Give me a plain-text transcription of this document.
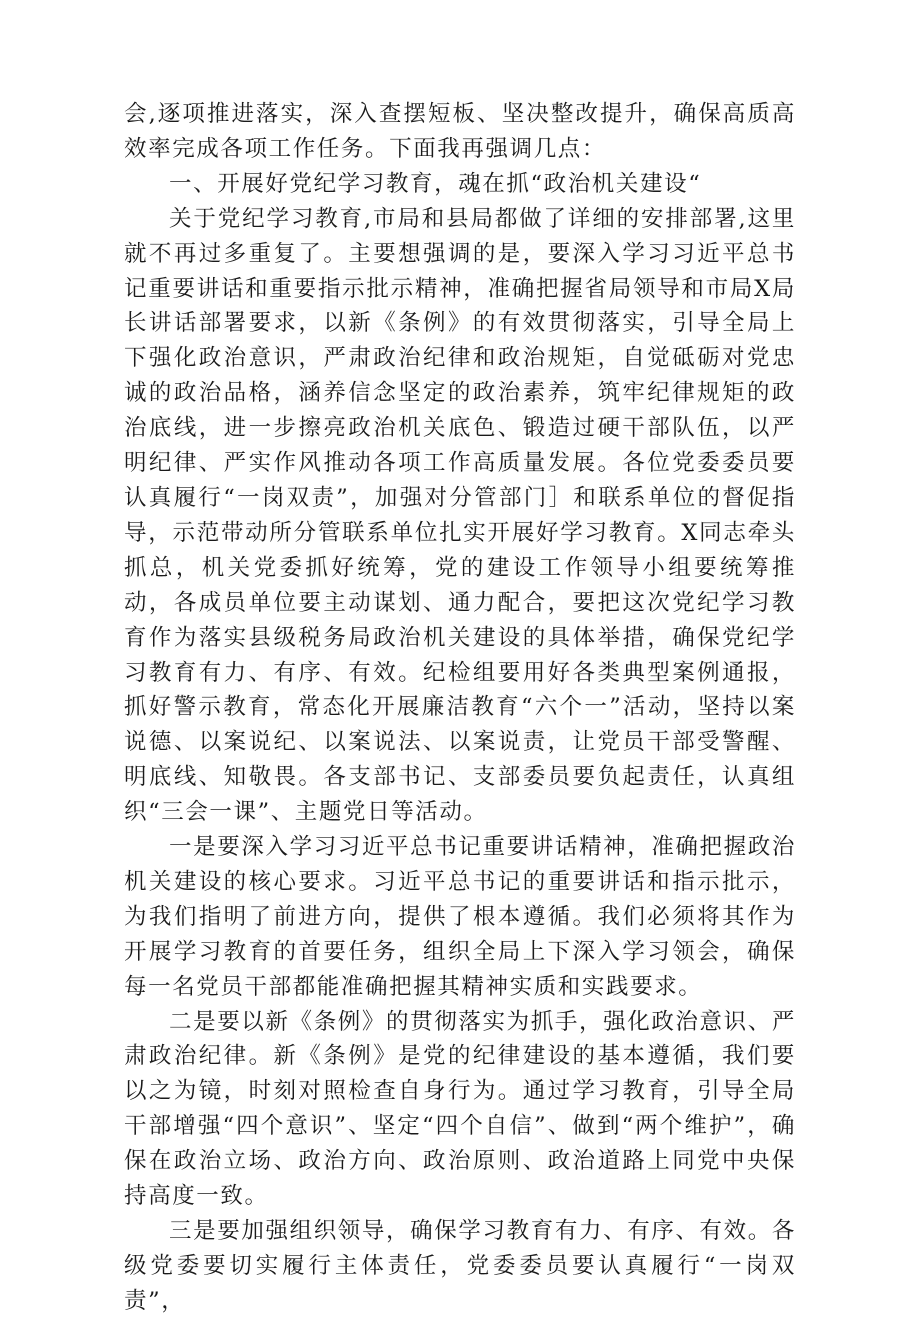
会,逐项推进落实，深入查摆短板、坚决整改提升，确保高质高效率完成各项工作任务。下面我再强调几点：

一、开展好党纪学习教育，魂在抓“政治机关建设“

关于党纪学习教育,市局和县局都做了详细的安排部署,这里就不再过多重复了。主要想强调的是，要深入学习习近平总书记重要讲话和重要指示批示精神，准确把握省局领导和市局X局长讲话部署要求，以新《条例》的有效贯彻落实，引导全局上下强化政治意识，严肃政治纪律和政治规矩，自觉砥砺对党忠诚的政治品格，涵养信念坚定的政治素养，筑牢纪律规矩的政治底线，进一步擦亮政治机关底色、锻造过硬干部队伍，以严明纪律、严实作风推动各项工作高质量发展。各位党委委员要认真履行“一岗双责”，加强对分管部门］和联系单位的督促指导，示范带动所分管联系单位扎实开展好学习教育。X同志牵头抓总，机关党委抓好统筹，党的建设工作领导小组要统筹推动，各成员单位要主动谋划、通力配合，要把这次党纪学习教育作为落实县级税务局政治机关建设的具体举措，确保党纪学习教育有力、有序、有效。纪检组要用好各类典型案例通报，抓好警示教育，常态化开展廉洁教育“六个一”活动，坚持以案说德、以案说纪、以案说法、以案说责，让党员干部受警醒、明底线、知敬畏。各支部书记、支部委员要负起责任，认真组织“三会一课”、主题党日等活动。

一是要深入学习习近平总书记重要讲话精神，准确把握政治机关建设的核心要求。习近平总书记的重要讲话和指示批示，为我们指明了前进方向，提供了根本遵循。我们必须将其作为开展学习教育的首要任务，组织全局上下深入学习领会，确保每一名党员干部都能准确把握其精神实质和实践要求。

二是要以新《条例》的贯彻落实为抓手，强化政治意识、严肃政治纪律。新《条例》是党的纪律建设的基本遵循，我们要以之为镜，时刻对照检查自身行为。通过学习教育，引导全局干部增强“四个意识”、坚定“四个自信”、做到“两个维护”，确保在政治立场、政治方向、政治原则、政治道路上同党中央保持高度一致。

三是要加强组织领导，确保学习教育有力、有序、有效。各级党委要切实履行主体责任，党委委员要认真履行“一岗双责”，
